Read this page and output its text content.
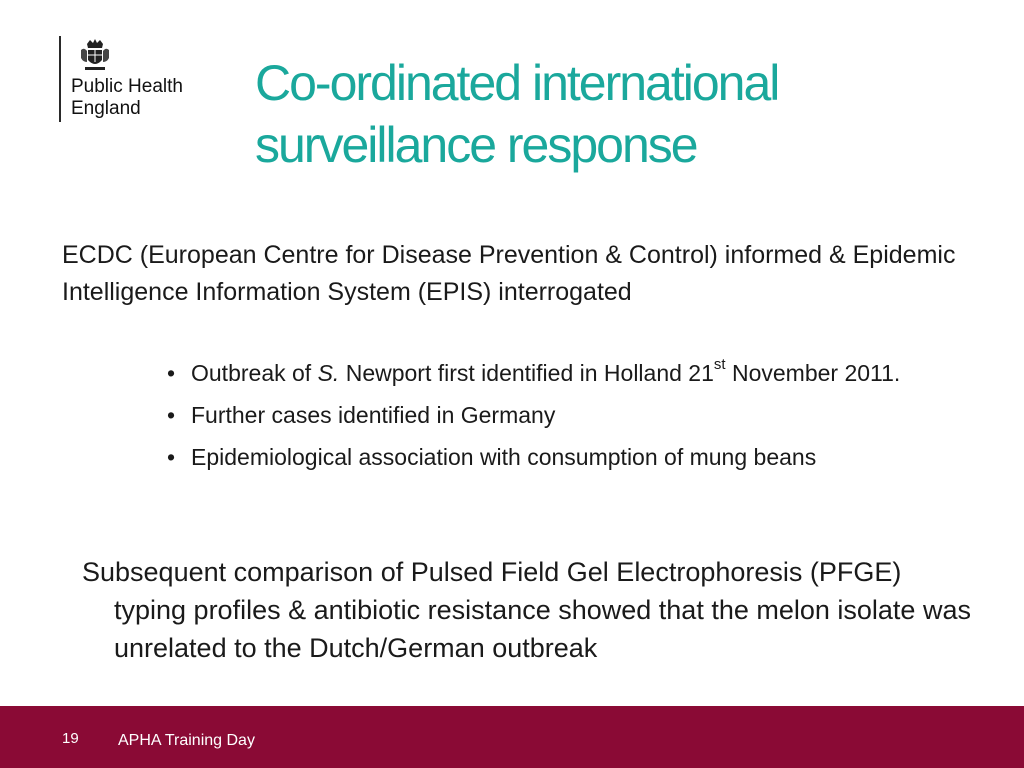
Public Health
England	Co-ordinated international
surveillance response

ECDC (European Centre for Disease Prevention & Control) informed & Epidemic Intelligence Information System (EPIS) interrogated

• Outbreak of S. Newport first identified in Holland 21st November 2011.
• Further cases identified in Germany
• Epidemiological association with consumption of mung beans

Subsequent comparison of Pulsed Field Gel Electrophoresis (PFGE) typing profiles & antibiotic resistance showed that the melon isolate was unrelated to the Dutch/German outbreak

19 APHA Training Day
